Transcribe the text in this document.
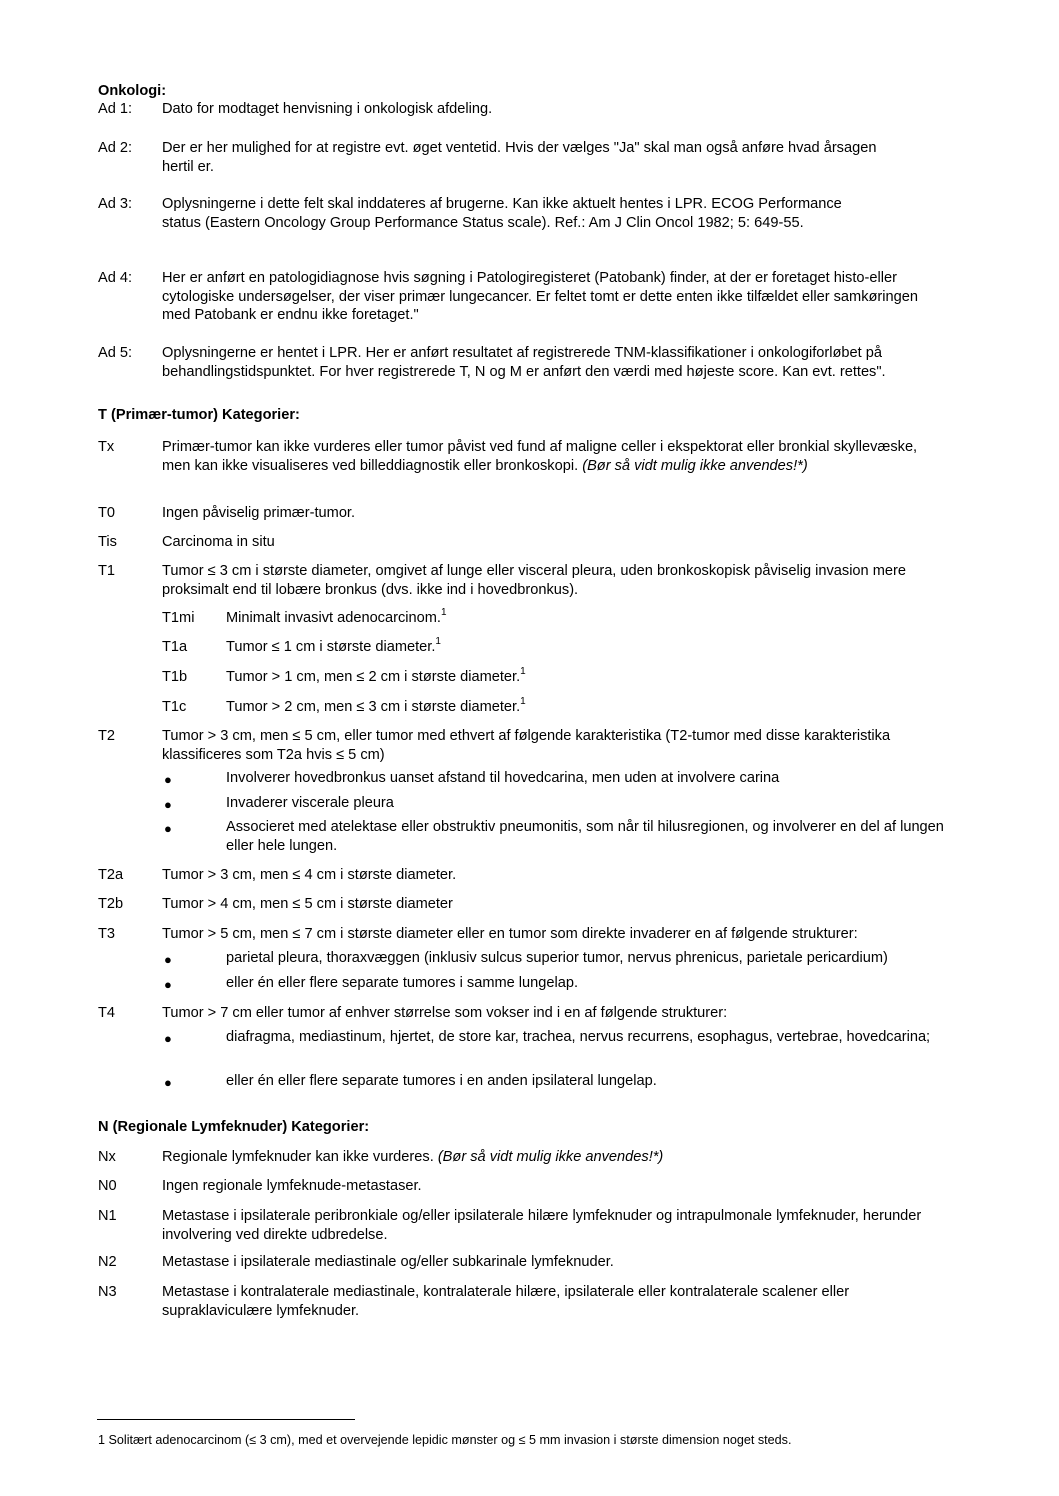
Onkologi:
Ad 1: Dato for modtaget henvisning i onkologisk afdeling.
Ad 2: Der er her mulighed for at registre evt. øget ventetid. Hvis der vælges "Ja" skal man også anføre hvad årsagen hertil er.
Ad 3: Oplysningerne i dette felt skal inddateres af brugerne. Kan ikke aktuelt hentes i LPR. ECOG Performance status (Eastern Oncology Group Performance Status scale). Ref.: Am J Clin Oncol 1982; 5: 649-55.
Ad 4: Her er anført en patologidiagnose hvis søgning i Patologiregisteret (Patobank) finder, at der er foretaget histo-eller cytologiske undersøgelser, der viser primær lungecancer. Er feltet tomt er dette enten ikke tilfældet eller samkøringen med Patobank er endnu ikke foretaget."
Ad 5: Oplysningerne er hentet i LPR. Her er anført resultatet af registrerede TNM-klassifikationer i onkologiforløbet på behandlingstidspunktet. For hver registrerede T, N og M er anført den værdi med højeste score. Kan evt. rettes".
T (Primær-tumor) Kategorier:
Tx	Primær-tumor kan ikke vurderes eller tumor påvist ved fund af maligne celler i ekspektorat eller bronkial skyllevæske, men kan ikke visualiseres ved billeddiagnostik eller bronkoskopi. (Bør så vidt mulig ikke anvendes!*)
T0	Ingen påviselig primær-tumor.
Tis	Carcinoma in situ
T1	Tumor ≤ 3 cm i største diameter, omgivet af lunge eller visceral pleura, uden bronkoskopisk påviselig invasion mere proksimalt end til lobære bronkus (dvs. ikke ind i hovedbronkus).
T1mi Minimalt invasivt adenocarcinom.$^1$
T1a	Tumor ≤ 1 cm i største diameter.$^1$
T1b	Tumor > 1 cm, men ≤ 2 cm i største diameter.$^1$
T1c	Tumor > 2 cm, men ≤ 3 cm i største diameter.$^1$
T2	Tumor > 3 cm, men ≤ 5 cm, eller tumor med ethvert af følgende karakteristika (T2-tumor med disse karakteristika klassificeres som T2a hvis ≤ 5 cm)
●	Involverer hovedbronkus uanset afstand til hovedcarina, men uden at involvere carina
●	Invaderer viscerale pleura
●	Associeret med atelektase eller obstruktiv pneumonitis, som når til hilusregionen, og involverer en del af lungen eller hele lungen.
T2a	Tumor > 3 cm, men ≤ 4 cm i største diameter.
T2b	Tumor > 4 cm, men ≤ 5 cm i største diameter
T3	Tumor > 5 cm, men ≤ 7 cm i største diameter eller en tumor som direkte invaderer en af følgende strukturer:
●	parietal pleura, thoraxvæggen (inklusiv sulcus superior tumor, nervus phrenicus, parietale pericardium)
●	eller én eller flere separate tumores i samme lungelap.
T4	Tumor > 7 cm eller tumor af enhver størrelse som vokser ind i en af følgende strukturer:
●	diafragma, mediastinum, hjertet, de store kar, trachea, nervus recurrens, esophagus, vertebrae, hovedcarina;
●	eller én eller flere separate tumores i en anden ipsilateral lungelap.
N (Regionale Lymfeknuder) Kategorier:
Nx	Regionale lymfeknuder kan ikke vurderes. (Bør så vidt mulig ikke anvendes!*)
N0	Ingen regionale lymfeknude-metastaser.
N1	Metastase i ipsilaterale peribronkiale og/eller ipsilaterale hilære lymfeknuder og intrapulmonale lymfeknuder, herunder involvering ved direkte udbredelse.
N2	Metastase i ipsilaterale mediastinale og/eller subkarinale lymfeknuder.
N3	Metastase i kontralaterale mediastinale, kontralaterale hilære, ipsilaterale eller kontralaterale scalener eller supraklaviculære lymfeknuder.
1 Solitært adenocarcinom (≤ 3 cm), med et overvejende lepidic mønster og ≤ 5 mm invasion i største dimension noget steds.
